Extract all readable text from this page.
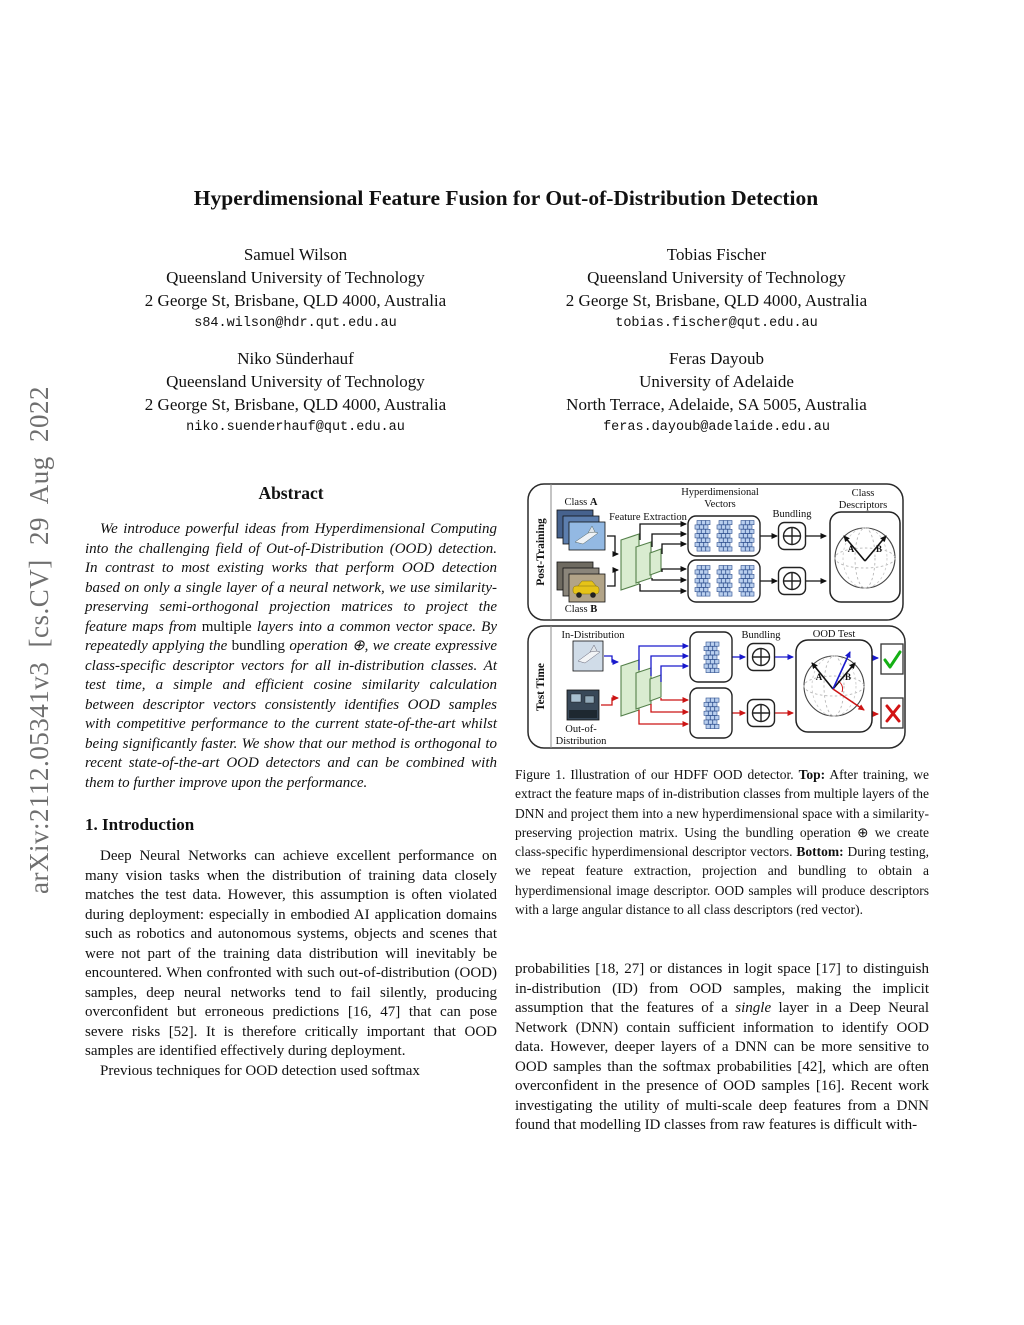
arXiv:2112.05341v3 [cs.CV] 29 Aug 2022
Hyperdimensional Feature Fusion for Out-of-Distribution Detection
Samuel Wilson
Queensland University of Technology
2 George St, Brisbane, QLD 4000, Australia
s84.wilson@hdr.qut.edu.au
Tobias Fischer
Queensland University of Technology
2 George St, Brisbane, QLD 4000, Australia
tobias.fischer@qut.edu.au
Niko Sünderhauf
Queensland University of Technology
2 George St, Brisbane, QLD 4000, Australia
niko.suenderhauf@qut.edu.au
Feras Dayoub
University of Adelaide
North Terrace, Adelaide, SA 5005, Australia
feras.dayoub@adelaide.edu.au
Abstract

We introduce powerful ideas from Hyperdimensional Computing into the challenging field of Out-of-Distribution (OOD) detection. In contrast to most existing works that perform OOD detection based on only a single layer of a neural network, we use similarity-preserving semi-orthogonal projection matrices to project the feature maps from multiple layers into a common vector space. By repeatedly applying the bundling operation ⊕, we create expressive class-specific descriptor vectors for all in-distribution classes. At test time, a simple and efficient cosine similarity calculation between descriptor vectors consistently identifies OOD samples with competitive performance to the current state-of-the-art whilst being significantly faster. We show that our method is orthogonal to recent state-of-the-art OOD detectors and can be combined with them to further improve upon the performance.

1. Introduction

Deep Neural Networks can achieve excellent performance on many vision tasks when the distribution of training data closely matches the test data. However, this assumption is often violated during deployment: especially in embodied AI application domains such as robotics and autonomous systems, objects and scenes that were not part of the training data distribution will inevitably be encountered. When confronted with such out-of-distribution (OOD) samples, deep neural networks tend to fail silently, producing overconfident but erroneous predictions [16, 47] that can pose severe risks [52]. It is therefore critically important that OOD samples are identified effectively during deployment.

Previous techniques for OOD detection used softmax

Post-Training
Class A
Class B
Feature Extraction
Hyperdimensional
Vectors
Bundling
Class
Descriptors
A B
Test Time
In-Distribution
Out-of-
Distribution
Bundling	OOD Test
A	B

Figure 1. Illustration of our HDFF OOD detector. Top: After training, we extract the feature maps of in-distribution classes from multiple layers of the DNN and project them into a new hyperdimensional space with a similarity-preserving projection matrix. Using the bundling operation ⊕ we create class-specific hyperdimensional descriptor vectors. Bottom: During testing, we repeat feature extraction, projection and bundling to obtain a hyperdimensional image descriptor. OOD samples will produce descriptors with a large angular distance to all class descriptors (red vector).

probabilities [18, 27] or distances in logit space [17] to distinguish in-distribution (ID) from OOD samples, making the implicit assumption that the features of a single layer in a Deep Neural Network (DNN) contain sufficient information to identify OOD data. However, deeper layers of a DNN can be more sensitive to OOD samples than the softmax probabilities [42], which are often overconfident in the presence of OOD samples [16]. Recent work investigating the utility of multi-scale deep features from a DNN found that modelling ID classes from raw features is difficult with-
